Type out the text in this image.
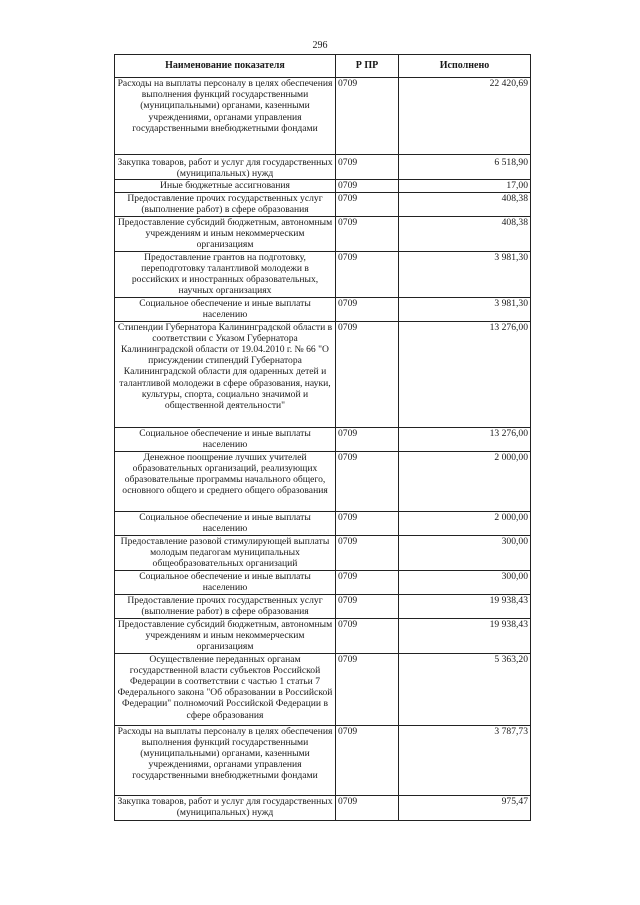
296
Наименование показателя	Р ПР	Исполнено
Расходы на выплаты персоналу в целях обеспечения выполнения функций государственными (муниципальными) органами, казенными учреждениями, органами управления государственными внебюджетными фондами	0709	22 420,69
Закупка товаров, работ и услуг для государственных (муниципальных) нужд	0709	6 518,90
Иные бюджетные ассигнования	0709	17,00
Предоставление прочих государственных услуг (выполнение работ) в сфере образования	0709	408,38
Предоставление субсидий бюджетным, автономным учреждениям и иным некоммерческим организациям	0709	408,38
Предоставление грантов на подготовку, переподготовку талантливой молодежи в российских и иностранных образовательных, научных организациях	0709	3 981,30
Социальное обеспечение и иные выплаты населению	0709	3 981,30
Стипендии Губернатора Калининградской области в соответствии с Указом Губернатора Калининградской области от 19.04.2010 г. № 66 "О присуждении стипендий Губернатора Калининградской области для одаренных детей и талантливой молодежи в сфере образования, науки, культуры, спорта, социально значимой и общественной деятельности"	0709	13 276,00
Социальное обеспечение и иные выплаты населению	0709	13 276,00
Денежное поощрение лучших учителей образовательных организаций, реализующих образовательные программы начального общего, основного общего и среднего общего образования	0709	2 000,00
Социальное обеспечение и иные выплаты населению	0709	2 000,00
Предоставление разовой стимулирующей выплаты молодым педагогам муниципальных общеобразовательных организаций	0709	300,00
Социальное обеспечение и иные выплаты населению	0709	300,00
Предоставление прочих государственных услуг (выполнение работ) в сфере образования	0709	19 938,43
Предоставление субсидий бюджетным, автономным учреждениям и иным некоммерческим организациям	0709	19 938,43
Осуществление переданных органам государственной власти субъектов Российской Федерации в соответствии с частью 1 статьи 7 Федерального закона "Об образовании в Российской Федерации" полномочий Российской Федерации в сфере образования	0709	5 363,20
Расходы на выплаты персоналу в целях обеспечения выполнения функций государственными (муниципальными) органами, казенными учреждениями, органами управления государственными внебюджетными фондами	0709	3 787,73
Закупка товаров, работ и услуг для государственных (муниципальных) нужд	0709	975,47
